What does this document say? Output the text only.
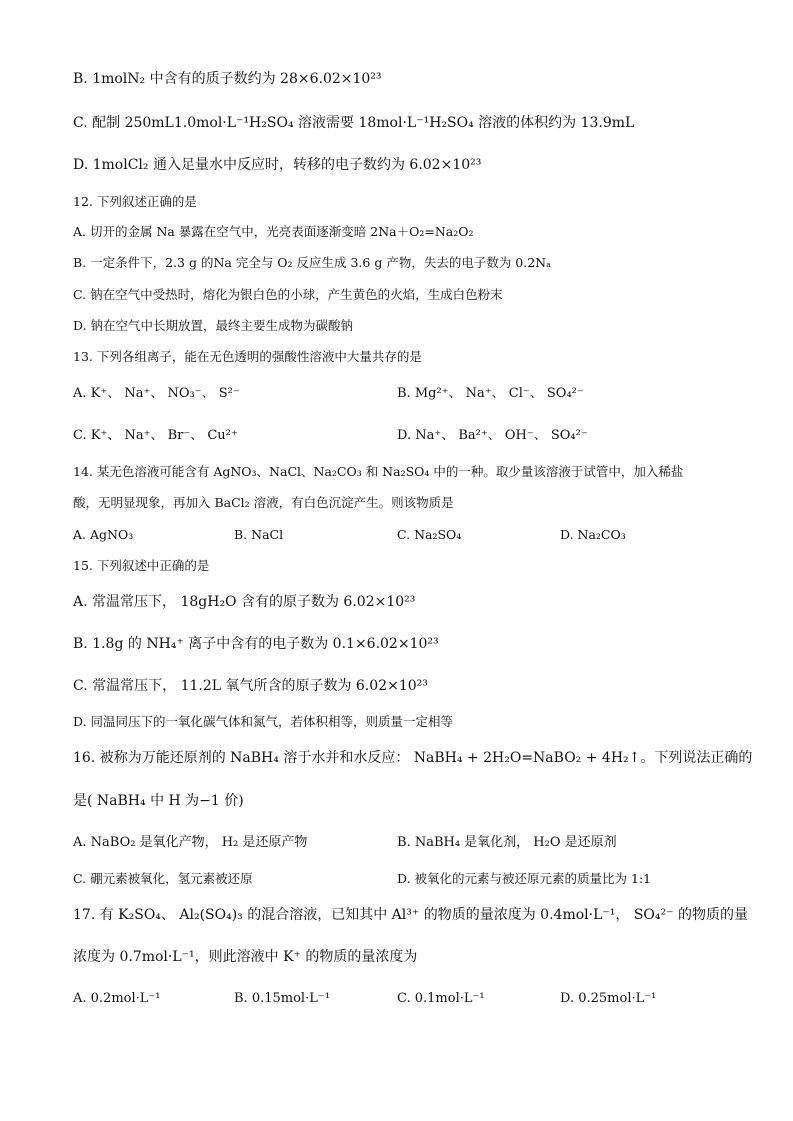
B. 1molN₂ 中含有的质子数约为 28×6.02×10²³
C. 配制 250mL1.0mol·L⁻¹H₂SO₄ 溶液需要 18mol·L⁻¹H₂SO₄ 溶液的体积约为 13.9mL
D. 1molCl₂ 通入足量水中反应时，转移的电子数约为 6.02×10²³
12. 下列叙述正确的是
A. 切开的金属 Na 暴露在空气中，光亮表面逐渐变暗 2Na＋O₂=Na₂O₂
B. 一定条件下，2.3 g 的Na 完全与 O₂ 反应生成 3.6 g 产物，失去的电子数为 0.2Nₐ
C. 钠在空气中受热时，熔化为银白色的小球，产生黄色的火焰，生成白色粉末
D. 钠在空气中长期放置，最终主要生成物为碳酸钠
13. 下列各组离子，能在无色透明的强酸性溶液中大量共存的是
A. K⁺、 Na⁺、 NO₃⁻、 S²⁻	B. Mg²⁺、 Na⁺、 Cl⁻、 SO₄²⁻
C. K⁺、 Na⁺、 Br⁻、 Cu²⁺	D. Na⁺、 Ba²⁺、 OH⁻、 SO₄²⁻
14. 某无色溶液可能含有 AgNO₃、NaCl、Na₂CO₃ 和 Na₂SO₄ 中的一种。取少量该溶液于试管中，加入稀盐
酸，无明显现象，再加入 BaCl₂ 溶液，有白色沉淀产生。则该物质是
A. AgNO₃	B. NaCl	C. Na₂SO₄	D. Na₂CO₃
15. 下列叙述中正确的是
A. 常温常压下， 18gH₂O 含有的原子数为 6.02×10²³
B. 1.8g 的 NH₄⁺ 离子中含有的电子数为 0.1×6.02×10²³
C. 常温常压下， 11.2L 氧气所含的原子数为 6.02×10²³
D. 同温同压下的一氧化碳气体和氮气，若体积相等，则质量一定相等
16. 被称为万能还原剂的 NaBH₄ 溶于水并和水反应： NaBH₄ + 2H₂O=NaBO₂ + 4H₂↑。下列说法正确的
是( NaBH₄ 中 H 为−1 价)
A. NaBO₂ 是氧化产物， H₂ 是还原产物	B. NaBH₄ 是氧化剂， H₂O 是还原剂
C. 硼元素被氧化，氢元素被还原	D. 被氧化的元素与被还原元素的质量比为 1:1
17. 有 K₂SO₄、 Al₂(SO₄)₃ 的混合溶液，已知其中 Al³⁺ 的物质的量浓度为 0.4mol·L⁻¹， SO₄²⁻ 的物质的量
浓度为 0.7mol·L⁻¹，则此溶液中 K⁺ 的物质的量浓度为
A. 0.2mol·L⁻¹	B. 0.15mol·L⁻¹	C. 0.1mol·L⁻¹	D. 0.25mol·L⁻¹
